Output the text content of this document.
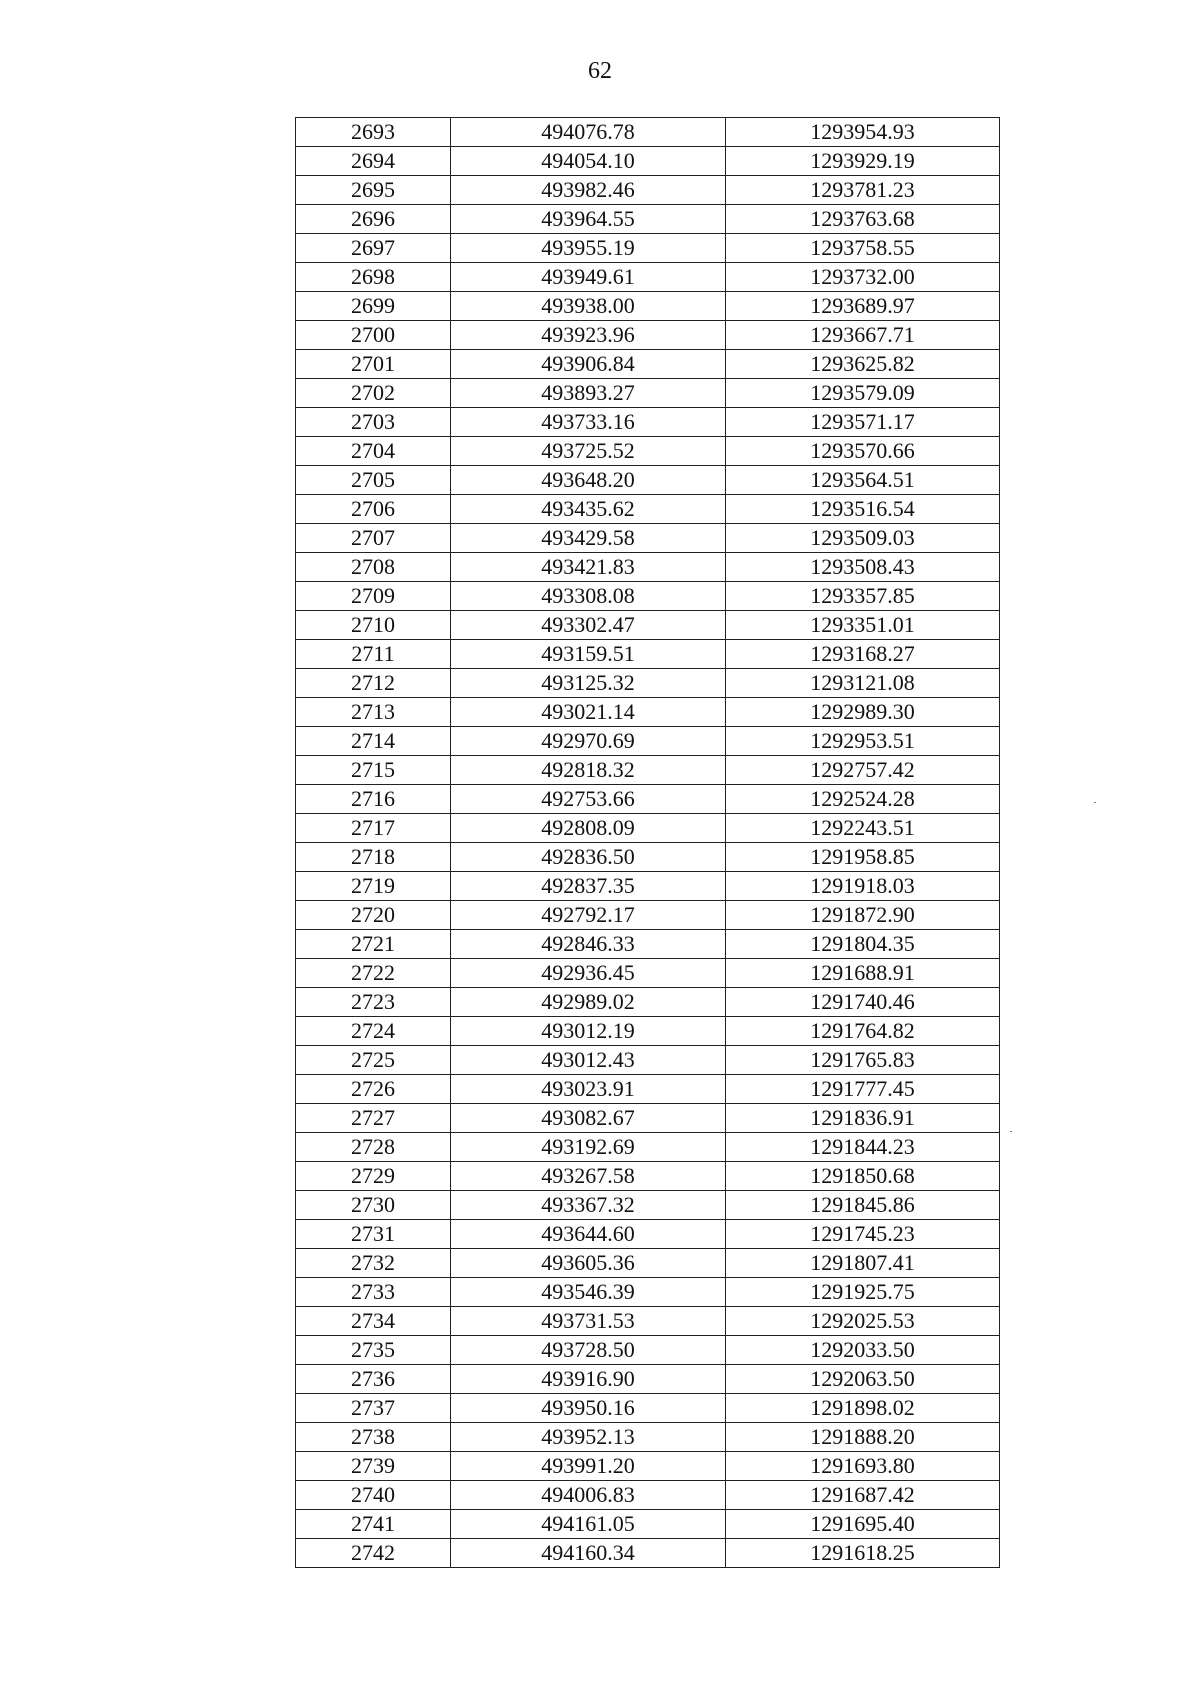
62
2693	494076.78	1293954.93
2694	494054.10	1293929.19
2695	493982.46	1293781.23
2696	493964.55	1293763.68
2697	493955.19	1293758.55
2698	493949.61	1293732.00
2699	493938.00	1293689.97
2700	493923.96	1293667.71
2701	493906.84	1293625.82
2702	493893.27	1293579.09
2703	493733.16	1293571.17
2704	493725.52	1293570.66
2705	493648.20	1293564.51
2706	493435.62	1293516.54
2707	493429.58	1293509.03
2708	493421.83	1293508.43
2709	493308.08	1293357.85
2710	493302.47	1293351.01
2711	493159.51	1293168.27
2712	493125.32	1293121.08
2713	493021.14	1292989.30
2714	492970.69	1292953.51
2715	492818.32	1292757.42
2716	492753.66	1292524.28
2717	492808.09	1292243.51
2718	492836.50	1291958.85
2719	492837.35	1291918.03
2720	492792.17	1291872.90
2721	492846.33	1291804.35
2722	492936.45	1291688.91
2723	492989.02	1291740.46
2724	493012.19	1291764.82
2725	493012.43	1291765.83
2726	493023.91	1291777.45
2727	493082.67	1291836.91
2728	493192.69	1291844.23
2729	493267.58	1291850.68
2730	493367.32	1291845.86
2731	493644.60	1291745.23
2732	493605.36	1291807.41
2733	493546.39	1291925.75
2734	493731.53	1292025.53
2735	493728.50	1292033.50
2736	493916.90	1292063.50
2737	493950.16	1291898.02
2738	493952.13	1291888.20
2739	493991.20	1291693.80
2740	494006.83	1291687.42
2741	494161.05	1291695.40
2742	494160.34	1291618.25
